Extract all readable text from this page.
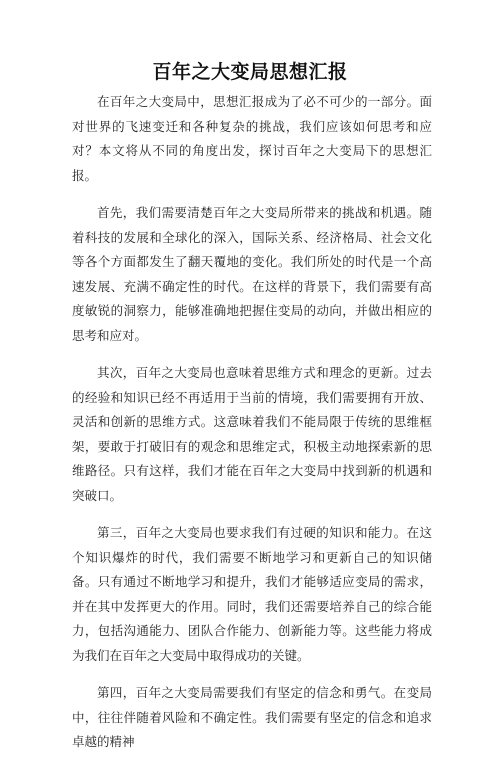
百年之大变局思想汇报

在百年之大变局中，思想汇报成为了必不可少的一部分。面对世界的飞速变迁和各种复杂的挑战，我们应该如何思考和应对？本文将从不同的角度出发，探讨百年之大变局下的思想汇报。

首先，我们需要清楚百年之大变局所带来的挑战和机遇。随着科技的发展和全球化的深入，国际关系、经济格局、社会文化等各个方面都发生了翻天覆地的变化。我们所处的时代是一个高速发展、充满不确定性的时代。在这样的背景下，我们需要有高度敏锐的洞察力，能够准确地把握住变局的动向，并做出相应的思考和应对。

其次，百年之大变局也意味着思维方式和理念的更新。过去的经验和知识已经不再适用于当前的情境，我们需要拥有开放、灵活和创新的思维方式。这意味着我们不能局限于传统的思维框架，要敢于打破旧有的观念和思维定式，积极主动地探索新的思维路径。只有这样，我们才能在百年之大变局中找到新的机遇和突破口。

第三，百年之大变局也要求我们有过硬的知识和能力。在这个知识爆炸的时代，我们需要不断地学习和更新自己的知识储备。只有通过不断地学习和提升，我们才能够适应变局的需求，并在其中发挥更大的作用。同时，我们还需要培养自己的综合能力，包括沟通能力、团队合作能力、创新能力等。这些能力将成为我们在百年之大变局中取得成功的关键。

第四，百年之大变局需要我们有坚定的信念和勇气。在变局中，往往伴随着风险和不确定性。我们需要有坚定的信念和追求卓越的精神
